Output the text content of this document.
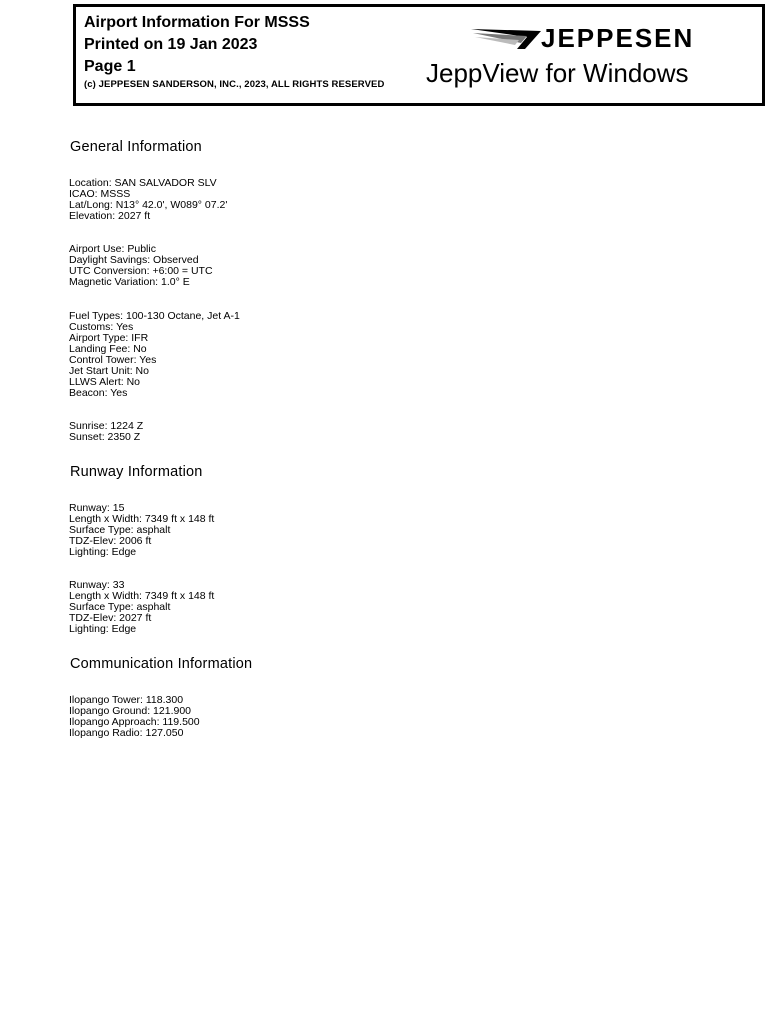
Airport Information For MSSS
Printed on 19 Jan 2023
Page 1
(c) JEPPESEN SANDERSON, INC., 2023, ALL RIGHTS RESERVED
JEPPESEN
JeppView for Windows
General Information
Location: SAN SALVADOR SLV
ICAO: MSSS
Lat/Long: N13° 42.0', W089° 07.2'
Elevation: 2027 ft
Airport Use: Public
Daylight Savings: Observed
UTC Conversion: +6:00 = UTC
Magnetic Variation: 1.0° E
Fuel Types: 100-130 Octane, Jet A-1
Customs: Yes
Airport Type: IFR
Landing Fee: No
Control Tower: Yes
Jet Start Unit: No
LLWS Alert: No
Beacon: Yes
Sunrise: 1224 Z
Sunset: 2350 Z
Runway Information
Runway: 15
Length x Width: 7349 ft x 148 ft
Surface Type: asphalt
TDZ-Elev: 2006 ft
Lighting: Edge
Runway: 33
Length x Width: 7349 ft x 148 ft
Surface Type: asphalt
TDZ-Elev: 2027 ft
Lighting: Edge
Communication Information
Ilopango Tower: 118.300
Ilopango Ground: 121.900
Ilopango Approach: 119.500
Ilopango Radio: 127.050
